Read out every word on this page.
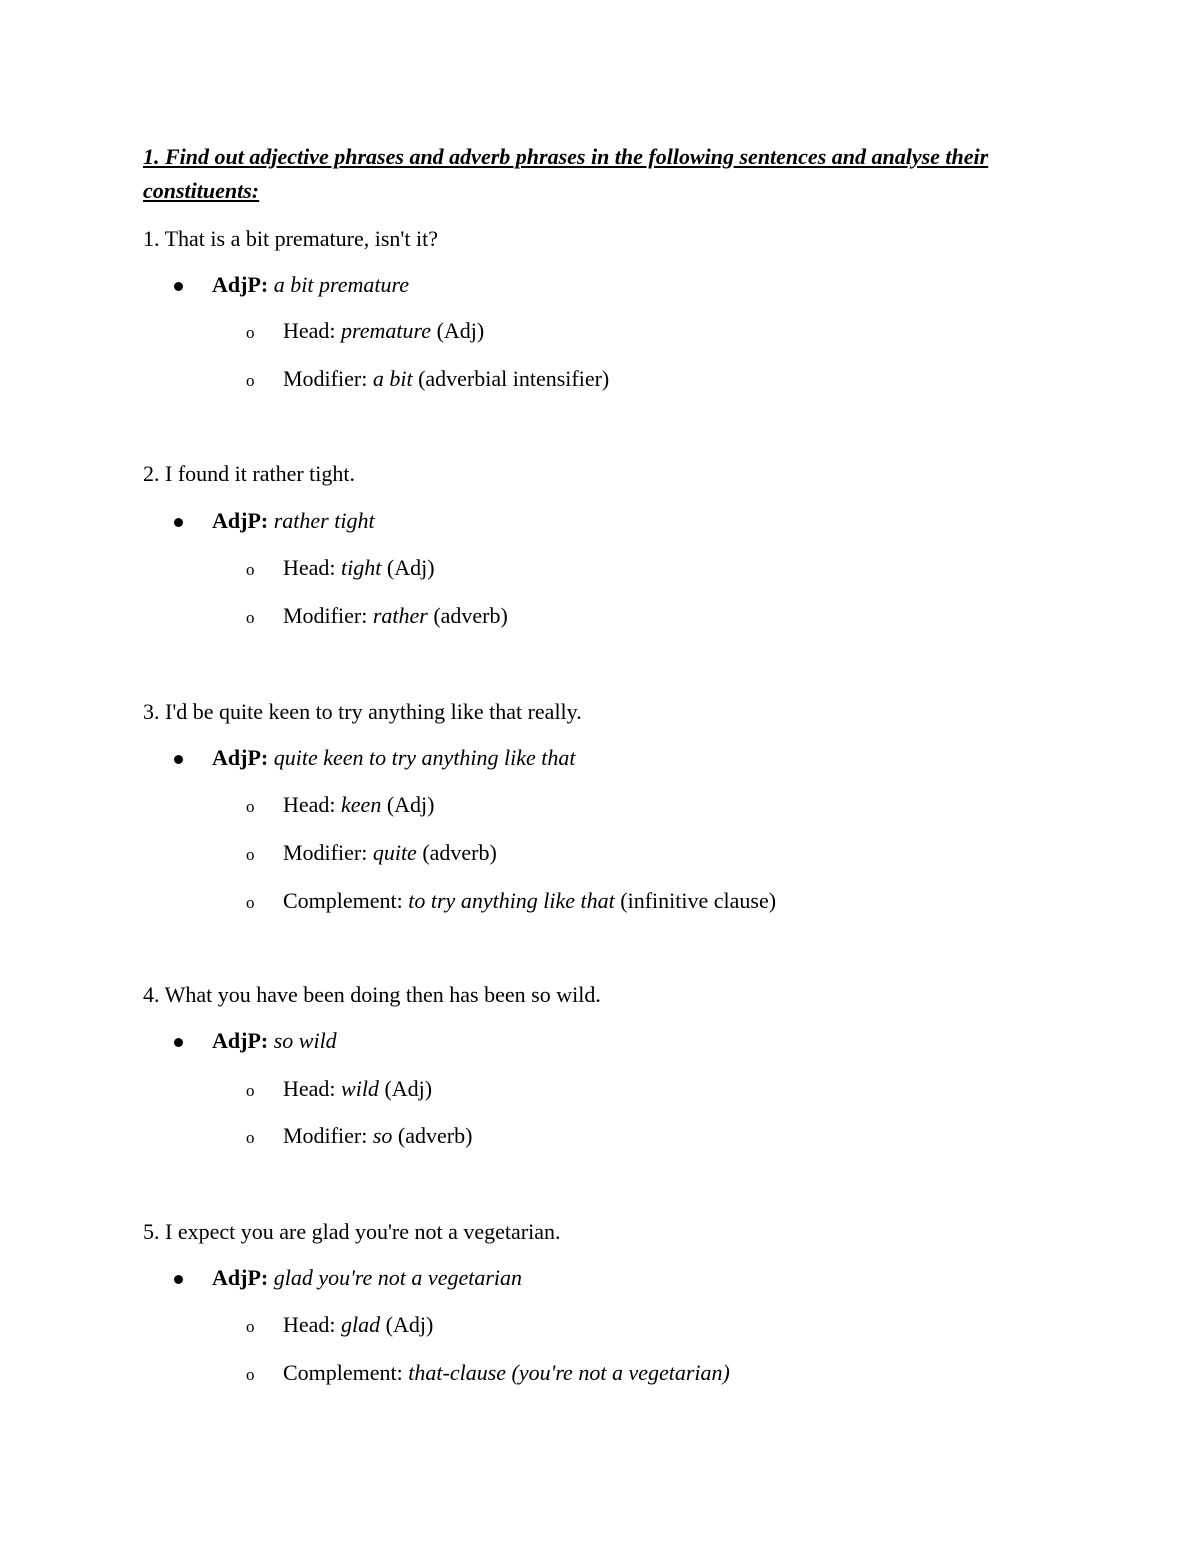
1. Find out adjective phrases and adverb phrases in the following sentences and analyse their constituents:
1. That is a bit premature, isn't it?
AdjP: a bit premature
o Head: premature (Adj)
o Modifier: a bit (adverbial intensifier)
2. I found it rather tight.
AdjP: rather tight
o Head: tight (Adj)
o Modifier: rather (adverb)
3. I'd be quite keen to try anything like that really.
AdjP: quite keen to try anything like that
o Head: keen (Adj)
o Modifier: quite (adverb)
o Complement: to try anything like that (infinitive clause)
4. What you have been doing then has been so wild.
AdjP: so wild
o Head: wild (Adj)
o Modifier: so (adverb)
5. I expect you are glad you're not a vegetarian.
AdjP: glad you're not a vegetarian
o Head: glad (Adj)
o Complement: that-clause (you're not a vegetarian)
